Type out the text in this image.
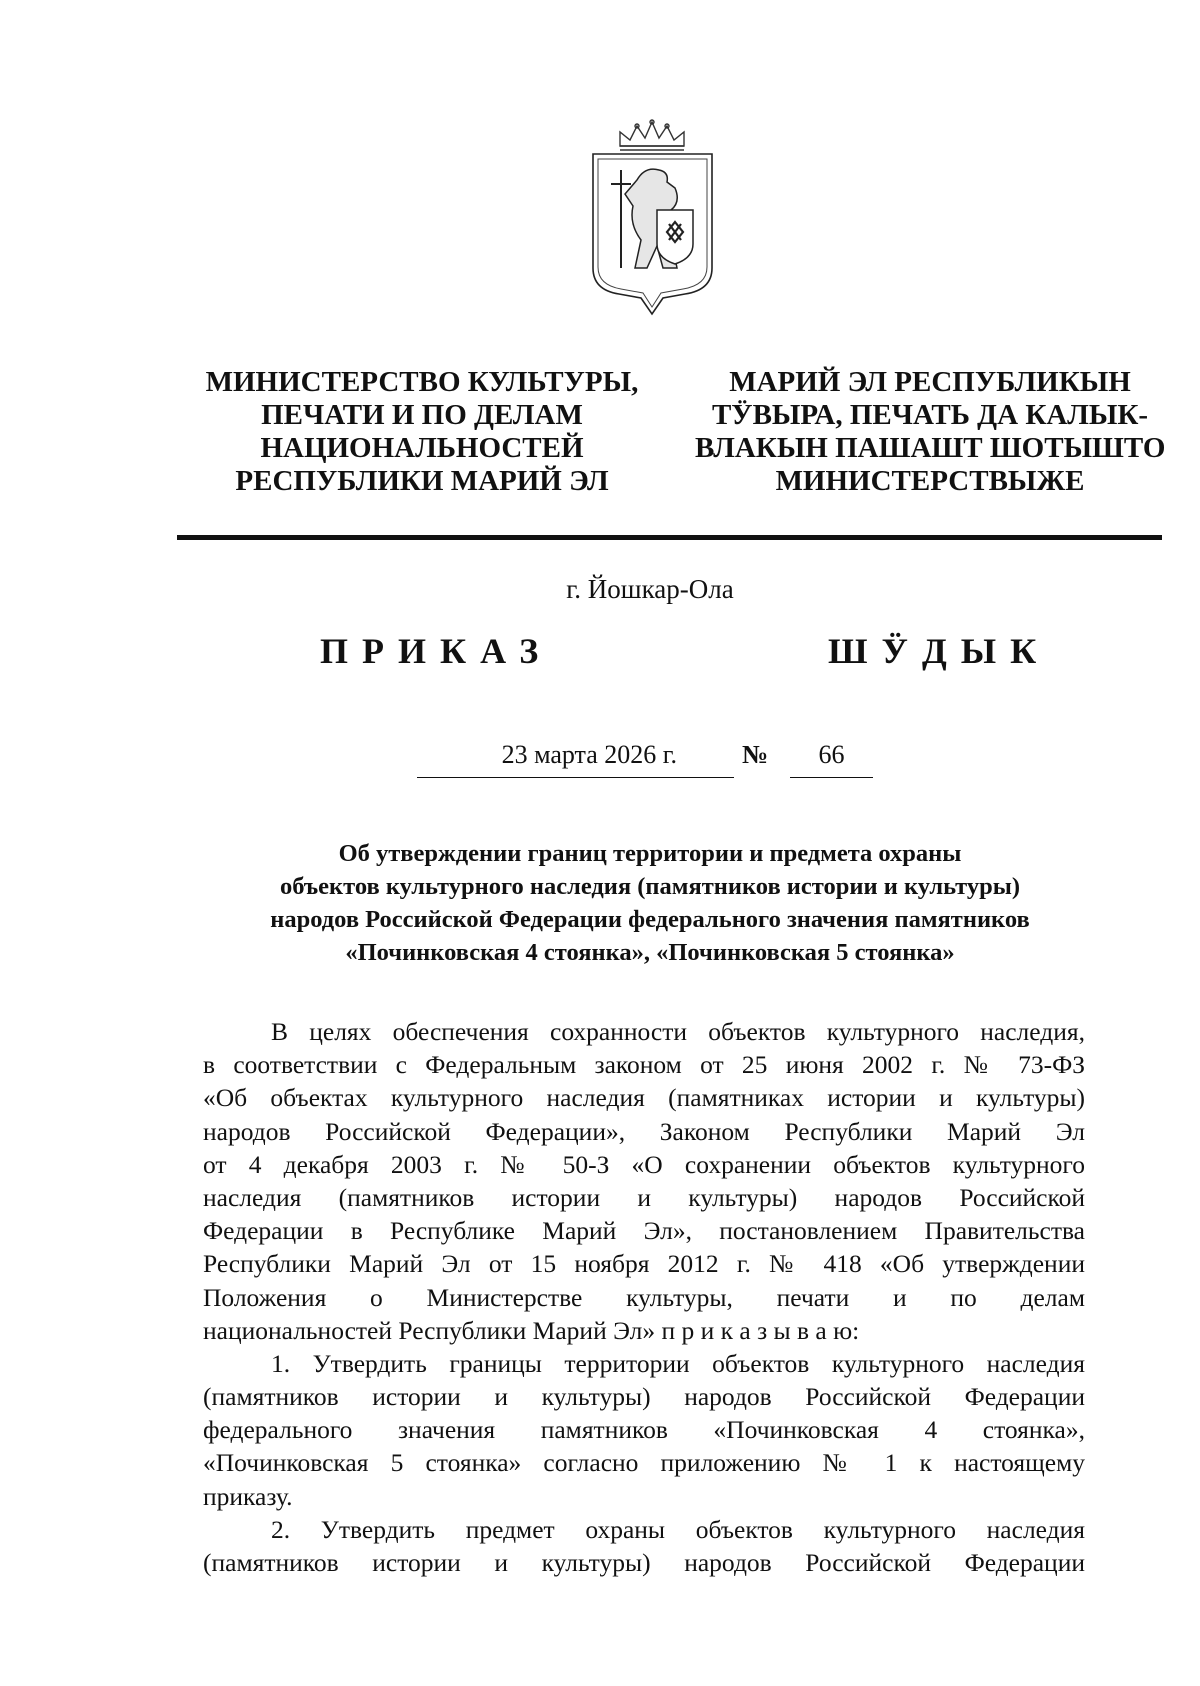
МИНИСТЕРСТВО КУЛЬТУРЫ,
ПЕЧАТИ И ПО ДЕЛАМ
НАЦИОНАЛЬНОСТЕЙ
РЕСПУБЛИКИ МАРИЙ ЭЛ
МАРИЙ ЭЛ РЕСПУБЛИКЫН
ТӰВЫРА, ПЕЧАТЬ ДА КАЛЫК-
ВЛАКЫН ПАШАШТ ШОТЫШТО
МИНИСТЕРСТВЫЖЕ
г. Йошкар-Ола
ПРИКАЗ	ШӰДЫК
23 марта 2026 г.	№	66
Об утверждении границ территории и предмета охраны
объектов культурного наследия (памятников истории и культуры)
народов Российской Федерации федерального значения памятников
«Починковская 4 стоянка», «Починковская 5 стоянка»
В целях обеспечения сохранности объектов культурного наследия,
в соответствии с Федеральным законом от 25 июня 2002 г. № 73-ФЗ
«Об объектах культурного наследия (памятниках истории и культуры)
народов Российской Федерации», Законом Республики Марий Эл
от 4 декабря 2003 г. № 50-З «О сохранении объектов культурного
наследия (памятников истории и культуры) народов Российской
Федерации в Республике Марий Эл», постановлением Правительства
Республики Марий Эл от 15 ноября 2012 г. № 418 «Об утверждении
Положения о Министерстве культуры, печати и по делам
национальностей Республики Марий Эл» п р и к а з ы в а ю:
1. Утвердить границы территории объектов культурного наследия
(памятников истории и культуры) народов Российской Федерации
федерального значения памятников «Починковская 4 стоянка»,
«Починковская 5 стоянка» согласно приложению № 1 к настоящему
приказу.
2. Утвердить предмет охраны объектов культурного наследия
(памятников истории и культуры) народов Российской Федерации
